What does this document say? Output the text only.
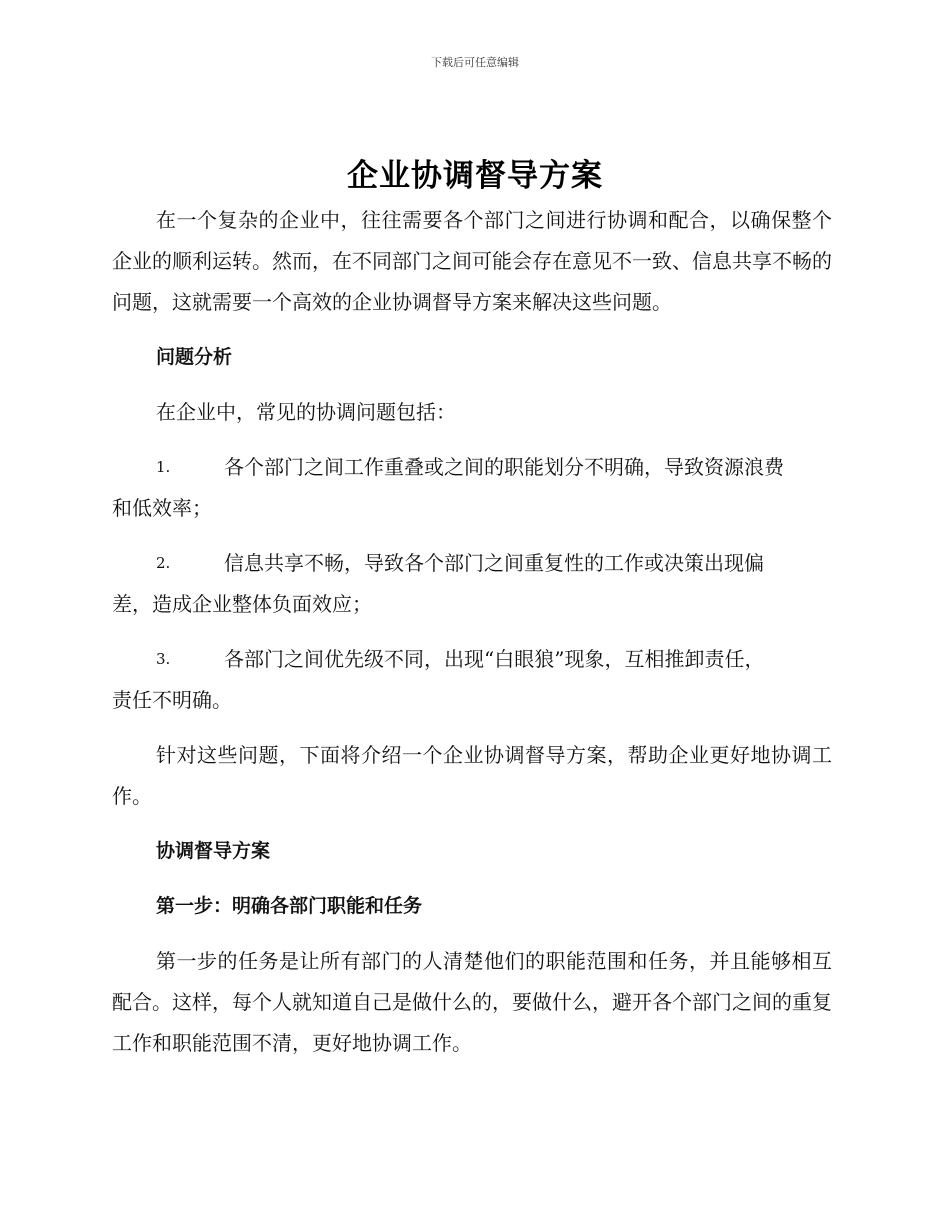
下载后可任意编辑
企业协调督导方案

在一个复杂的企业中，往往需要各个部门之间进行协调和配合，以确保整个企业的顺利运转。然而，在不同部门之间可能会存在意见不一致、信息共享不畅的问题，这就需要一个高效的企业协调督导方案来解决这些问题。

问题分析

在企业中，常见的协调问题包括：

1.	各个部门之间工作重叠或之间的职能划分不明确，导致资源浪费
和低效率；
2.	信息共享不畅，导致各个部门之间重复性的工作或决策出现偏
差，造成企业整体负面效应；
3.	各部门之间优先级不同，出现“白眼狼”现象，互相推卸责任，
责任不明确。

针对这些问题，下面将介绍一个企业协调督导方案，帮助企业更好地协调工作。

协调督导方案
第一步：明确各部门职能和任务

第一步的任务是让所有部门的人清楚他们的职能范围和任务，并且能够相互配合。这样，每个人就知道自己是做什么的，要做什么，避开各个部门之间的重复工作和职能范围不清，更好地协调工作。
